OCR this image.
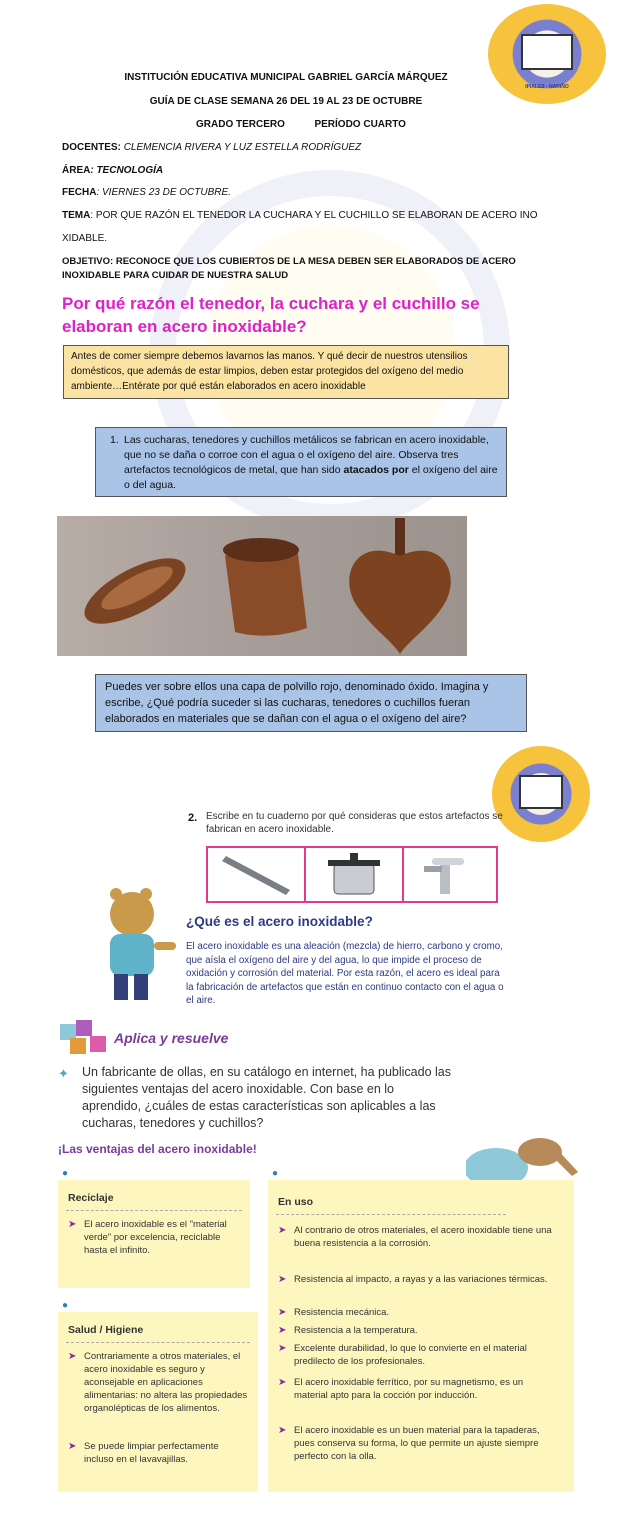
IPIALES - NARIÑO
INSTITUCIÓN EDUCATIVA MUNICIPAL GABRIEL GARCÍA MÁRQUEZ
GUÍA DE CLASE SEMANA 26 DEL 19 AL 23 DE OCTUBRE
GRADO TERCERO	PERÍODO CUARTO
DOCENTES: CLEMENCIA RIVERA Y LUZ ESTELLA RODRÍGUEZ
ÁREA: TECNOLOGÍA
FECHA: VIERNES 23 DE OCTUBRE.
TEMA: POR QUE RAZÓN EL TENEDOR LA CUCHARA Y EL CUCHILLO SE ELABORAN DE ACERO INO
XIDABLE.
OBJETIVO: RECONOCE QUE LOS CUBIERTOS DE LA MESA DEBEN SER ELABORADOS DE ACERO
INOXIDABLE PARA CUIDAR DE NUESTRA SALUD
Por qué razón el tenedor, la cuchara y el cuchillo se elaboran en acero inoxidable?
Antes de comer siempre debemos lavarnos las manos. Y qué decir de nuestros utensilios domésticos, que además de estar limpios, deben estar protegidos del oxígeno del medio ambiente…Entérate por qué están elaborados en acero inoxidable
1. Las cucharas, tenedores y cuchillos metálicos se fabrican en acero inoxidable, que no se daña o corroe con el agua o el oxígeno del aire. Observa tres artefactos tecnológicos de metal, que han sido atacados por el oxígeno del aire o del agua.
Puedes ver sobre ellos una capa de polvillo rojo, denominado óxido. Imagina y escribe, ¿Qué podría suceder si las cucharas, tenedores o cuchillos fueran elaborados en materiales que se dañan con el agua o el oxígeno del aire?
2. Escribe en tu cuaderno por qué consideras que estos artefactos se fabrican en acero inoxidable.
¿Qué es el acero inoxidable?
El acero inoxidable es una aleación (mezcla) de hierro, carbono y cromo, que aísla el oxígeno del aire y del agua, lo que impide el proceso de oxidación y corrosión del material. Por esta razón, el acero es ideal para la fabricación de artefactos que están en continuo contacto con el agua o el aire.
Aplica y resuelve
✦ Un fabricante de ollas, en su catálogo en internet, ha publicado las siguientes ventajas del acero inoxidable. Con base en lo aprendido, ¿cuáles de estas características son aplicables a las cucharas, tenedores y cuchillos?
¡Las ventajas del acero inoxidable!
●
Reciclaje
➤ El acero inoxidable es el "material verde" por excelencia, reciclable hasta el infinito.
●
Salud / Higiene
➤ Contrariamente a otros materiales, el acero inoxidable es seguro y aconsejable en aplicaciones alimentarias: no altera las propiedades organolépticas de los alimentos.
➤ Se puede limpiar perfectamente incluso en el lavavajillas.
●
En uso
➤ Al contrario de otros materiales, el acero inoxidable tiene una buena resistencia a la corrosión.
➤ Resistencia al impacto, a rayas y a las variaciones térmicas.
➤ Resistencia mecánica.
➤ Resistencia a la temperatura.
➤ Excelente durabilidad, lo que lo convierte en el material predilecto de los profesionales.
➤ El acero inoxidable ferrítico, por su magnetismo, es un material apto para la cocción por inducción.
➤ El acero inoxidable es un buen material para la tapaderas, pues conserva su forma, lo que permite un ajuste siempre perfecto con la olla.
